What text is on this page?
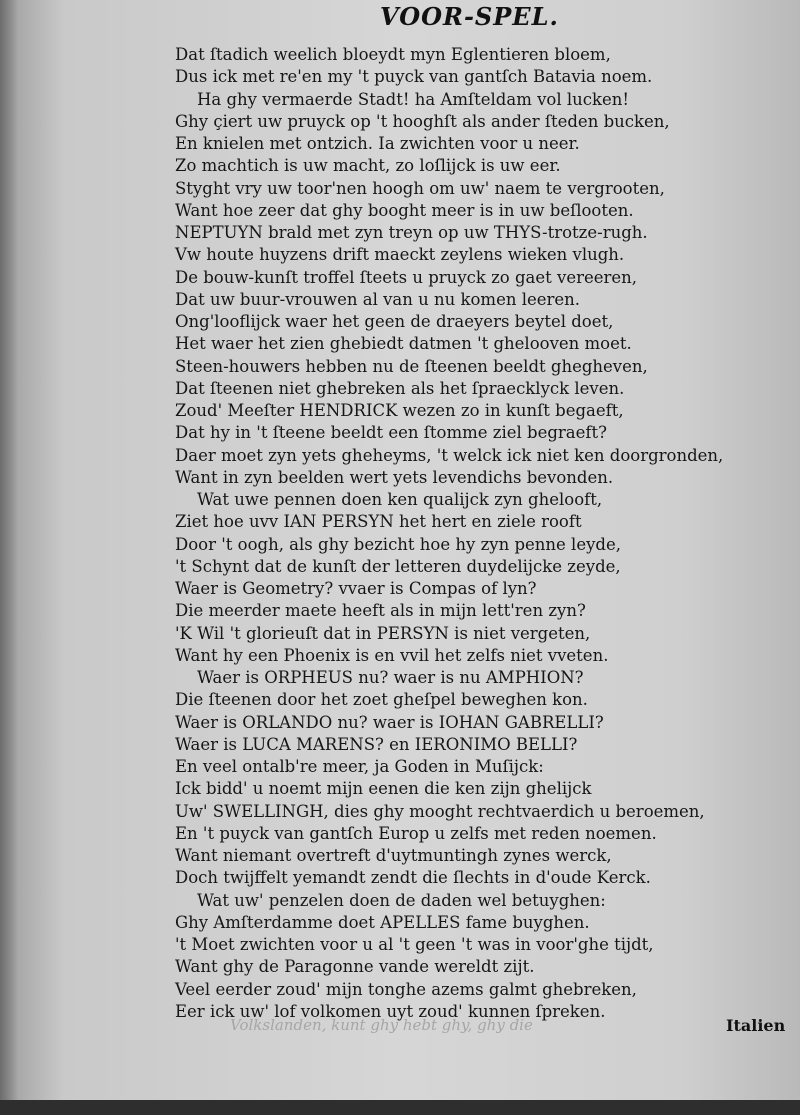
VOOR-SPEL.
Dat ſtadich weelich bloeydt myn Eglentieren bloem,
Dus ick met re'en my 't puyck van gantſch Batavia noem.
Ha ghy vermaerde Stadt! ha Amſteldam vol lucken!
Ghy çiert uw pruyck op 't hooghſt als ander ſteden bucken,
En knielen met ontzich. Ia zwichten voor u neer.
Zo machtich is uw macht, zo loſlijck is uw eer.
Styght vry uw toor'nen hoogh om uw' naem te vergrooten,
Want hoe zeer dat ghy booght meer is in uw beſlooten.
NEPTUYN brald met zyn treyn op uw THYS-trotze-rugh.
Vw houte huyzens drift maeckt zeylens wieken vlugh.
De bouw-kunſt troffel ſteets u pruyck zo gaet vereeren,
Dat uw buur-vrouwen al van u nu komen leeren.
Ong'looflijck waer het geen de draeyers beytel doet,
Het waer het zien ghebiedt datmen 't ghelooven moet.
Steen-houwers hebben nu de ſteenen beeldt ghegheven,
Dat ſteenen niet ghebreken als het ſpraecklyck leven.
Zoud' Meeſter HENDRICK wezen zo in kunſt begaeft,
Dat hy in 't ſteene beeldt een ſtomme ziel begraeft?
Daer moet zyn yets gheheyms, 't welck ick niet ken doorgronden,
Want in zyn beelden wert yets levendichs bevonden.
Wat uwe pennen doen ken qualijck zyn ghelooft,
Ziet hoe uvv IAN PERSYN het hert en ziele rooft
Door 't oogh, als ghy bezicht hoe hy zyn penne leyde,
't Schynt dat de kunſt der letteren duydelijcke zeyde,
Waer is Geometry? vvaer is Compas of lyn?
Die meerder maete heeft als in mijn lett'ren zyn?
'K Wil 't glorieuſt dat in PERSYN is niet vergeten,
Want hy een Phoenix is en vvil het zelfs niet vveten.
Waer is ORPHEUS nu? waer is nu AMPHION?
Die ſteenen door het zoet gheſpel beweghen kon.
Waer is ORLANDO nu? waer is IOHAN GABRELLI?
Waer is LUCA MARENS? en IERONIMO BELLI?
En veel ontalb're meer, ja Goden in Muſijck:
Ick bidd' u noemt mijn eenen die ken zijn ghelijck
Uw' SWELLINGH, dies ghy mooght rechtvaerdich u beroemen,
En 't puyck van gantſch Europ u zelfs met reden noemen.
Want niemant overtreft d'uytmuntingh zynes werck,
Doch twijffelt yemandt zendt die ſlechts in d'oude Kerck.
Wat uw' penzelen doen de daden wel betuyghen:
Ghy Amſterdamme doet APELLES fame buyghen.
't Moet zwichten voor u al 't geen 't was in voor'ghe tijdt,
Want ghy de Paragonne vande wereldt zijt.
Veel eerder zoud' mijn tonghe azems galmt ghebreken,
Eer ick uw' lof volkomen uyt zoud' kunnen ſpreken.
Volkslanden, kunt ghy hebt ghy, ghy die	Italien
